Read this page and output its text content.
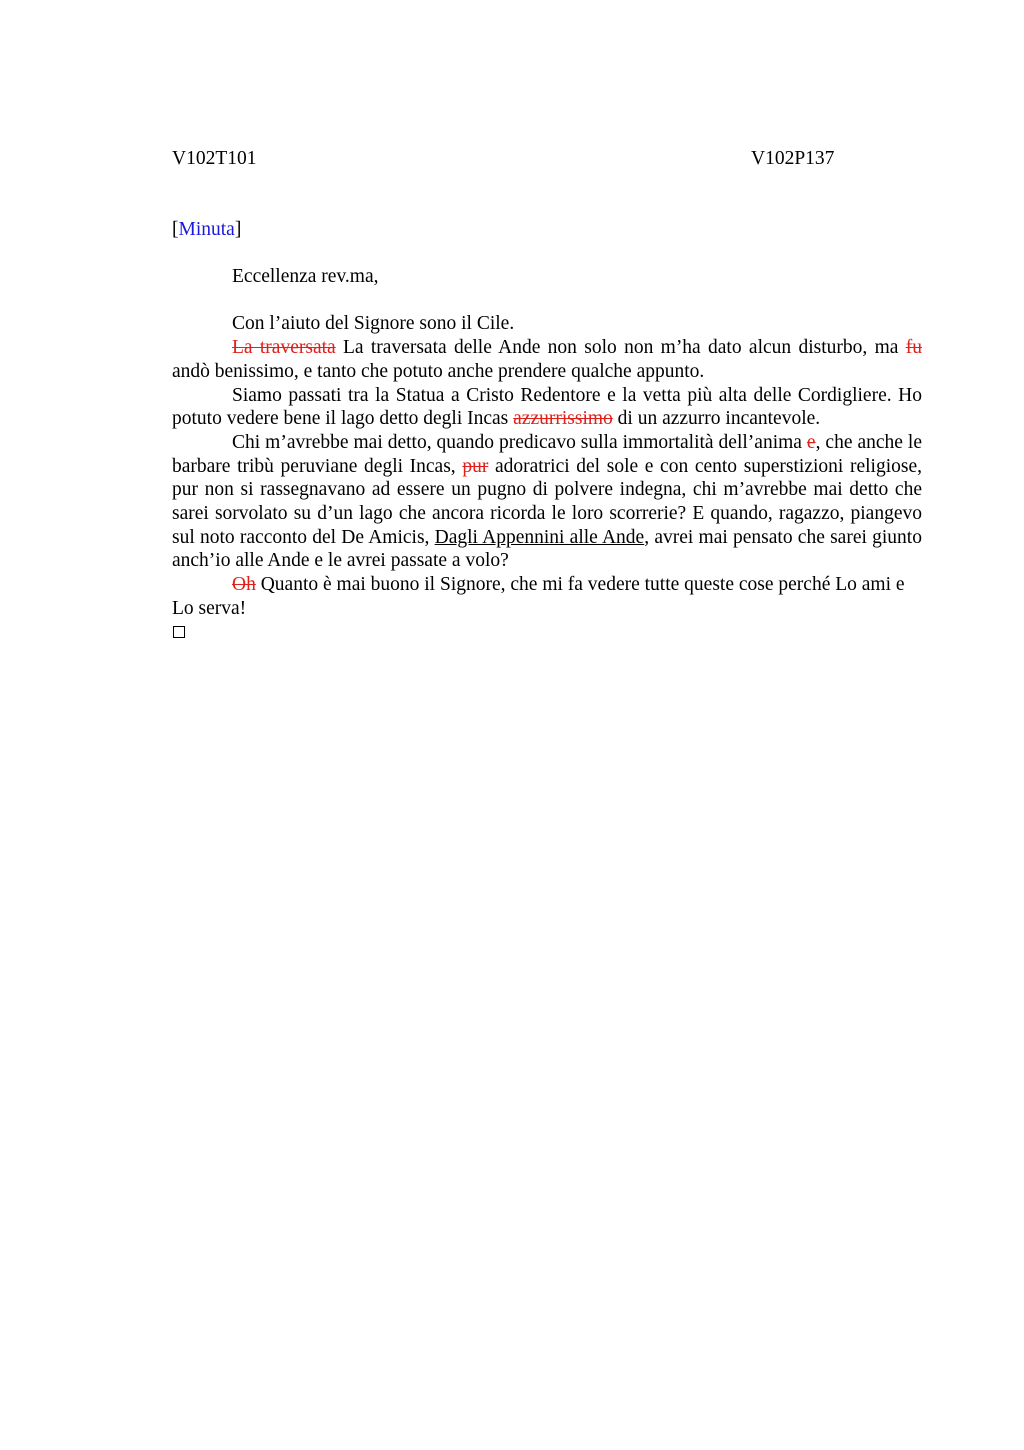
V102T101	V102P137
[Minuta]

Eccellenza rev.ma,

Con l’aiuto del Signore sono il Cile.

La traversata La traversata delle Ande non solo non m’ha dato alcun disturbo, ma fu andò benissimo, e tanto che potuto anche prendere qualche appunto.

Siamo passati tra la Statua a Cristo Redentore e la vetta più alta delle Cordigliere. Ho potuto vedere bene il lago detto degli Incas azzurrissimo di un azzurro incantevole.

Chi m’avrebbe mai detto, quando predicavo sulla immortalità dell’anima e, che anche le barbare tribù peruviane degli Incas, pur adoratrici del sole e con cento superstizioni religiose, pur non si rassegnavano ad essere un pugno di polvere indegna, chi m’avrebbe mai detto che sarei sorvolato su d’un lago che ancora ricorda le loro scorrerie? E quando, ragazzo, piangevo sul noto racconto del De Amicis, Dagli Appennini alle Ande, avrei mai pensato che sarei giunto anch’io alle Ande e le avrei passate a volo?

Oh Quanto è mai buono il Signore, che mi fa vedere tutte queste cose perché Lo ami e Lo serva!
